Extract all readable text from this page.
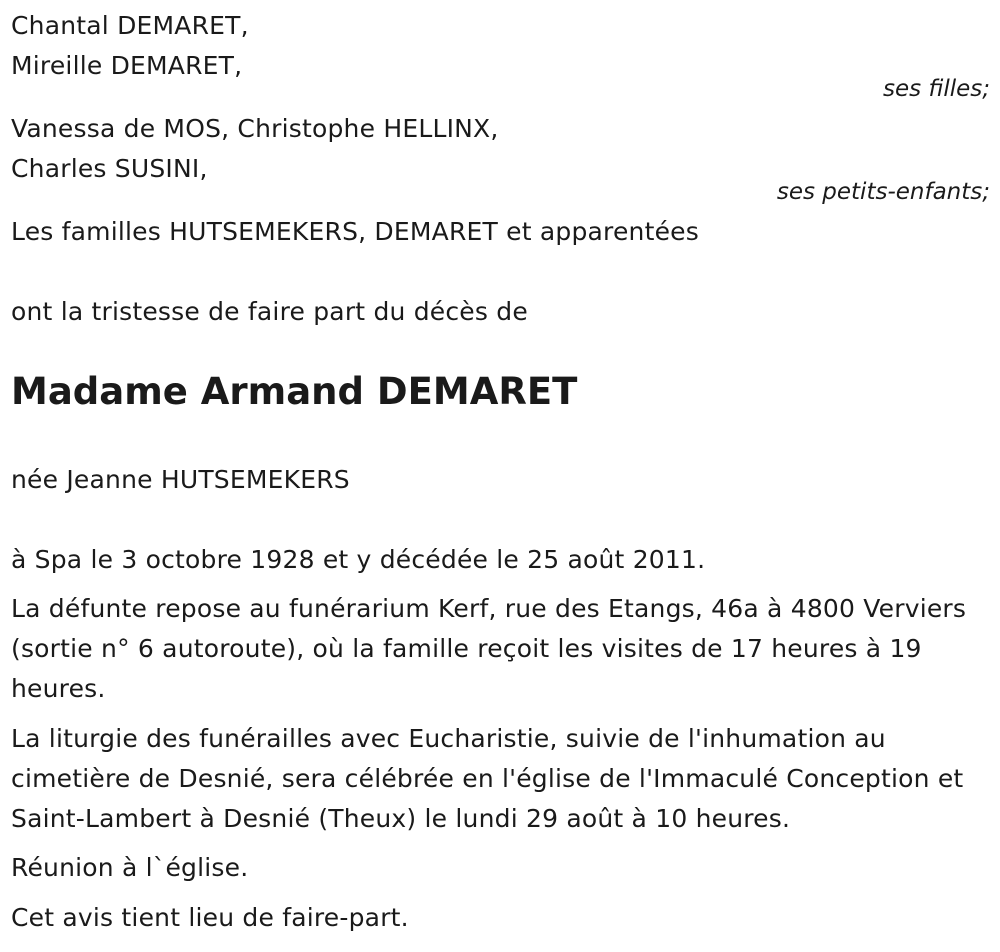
Chantal DEMARET,
Mireille DEMARET,
ses filles;
Vanessa de MOS, Christophe HELLINX,
Charles SUSINI,
ses petits-enfants;
Les familles HUTSEMEKERS, DEMARET et apparentées
ont la tristesse de faire part du décès de
Madame Armand DEMARET
née Jeanne HUTSEMEKERS
à Spa le 3 octobre 1928 et y décédée le 25 août 2011.
La défunte repose au funérarium Kerf, rue des Etangs, 46a à 4800 Verviers (sortie n° 6 autoroute), où la famille reçoit les visites de 17 heures à 19 heures.
La liturgie des funérailles avec Eucharistie, suivie de l'inhumation au cimetière de Desnié, sera célébrée en l'église de l'Immaculé Conception et Saint-Lambert à Desnié (Theux) le lundi 29 août à 10 heures.
Réunion à l`église.
Cet avis tient lieu de faire-part.
